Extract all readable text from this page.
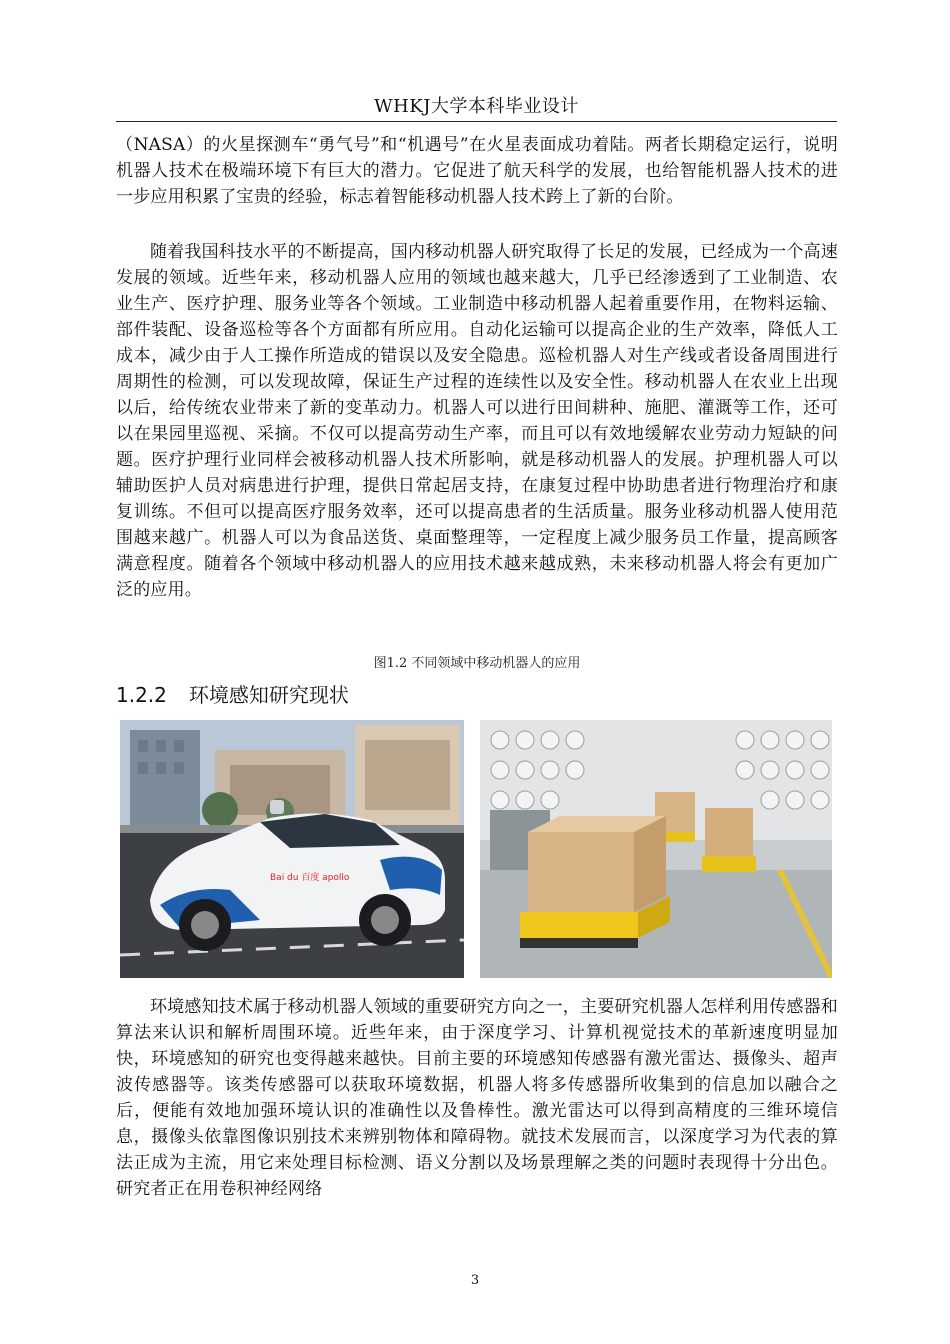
WHKJ大学本科毕业设计
（NASA）的火星探测车“勇气号”和“机遇号”在火星表面成功着陆。两者长期稳定运行，说明机器人技术在极端环境下有巨大的潜力。它促进了航天科学的发展，也给智能机器人技术的进一步应用积累了宝贵的经验，标志着智能移动机器人技术跨上了新的台阶。
随着我国科技水平的不断提高，国内移动机器人研究取得了长足的发展，已经成为一个高速发展的领域。近些年来，移动机器人应用的领域也越来越大，几乎已经渗透到了工业制造、农业生产、医疗护理、服务业等各个领域。工业制造中移动机器人起着重要作用，在物料运输、部件装配、设备巡检等各个方面都有所应用。自动化运输可以提高企业的生产效率，降低人工成本，减少由于人工操作所造成的错误以及安全隐患。巡检机器人对生产线或者设备周围进行周期性的检测，可以发现故障，保证生产过程的连续性以及安全性。移动机器人在农业上出现以后，给传统农业带来了新的变革动力。机器人可以进行田间耕种、施肥、灌溉等工作，还可以在果园里巡视、采摘。不仅可以提高劳动生产率，而且可以有效地缓解农业劳动力短缺的问题。医疗护理行业同样会被移动机器人技术所影响，就是移动机器人的发展。护理机器人可以辅助医护人员对病患进行护理，提供日常起居支持，在康复过程中协助患者进行物理治疗和康复训练。不但可以提高医疗服务效率，还可以提高患者的生活质量。服务业移动机器人使用范围越来越广。机器人可以为食品送货、桌面整理等，一定程度上减少服务员工作量，提高顾客满意程度。随着各个领域中移动机器人的应用技术越来越成熟，未来移动机器人将会有更加广泛的应用。
图1.2 不同领域中移动机器人的应用
1.2.2 环境感知研究现状
Bai du 百度 apollo

环境感知技术属于移动机器人领域的重要研究方向之一，主要研究机器人怎样利用传感器和算法来认识和解析周围环境。近些年来，由于深度学习、计算机视觉技术的革新速度明显加快，环境感知的研究也变得越来越快。目前主要的环境感知传感器有激光雷达、摄像头、超声波传感器等。该类传感器可以获取环境数据，机器人将多传感器所收集到的信息加以融合之后，便能有效地加强环境认识的准确性以及鲁棒性。激光雷达可以得到高精度的三维环境信息，摄像头依靠图像识别技术来辨别物体和障碍物。就技术发展而言，以深度学习为代表的算法正成为主流，用它来处理目标检测、语义分割以及场景理解之类的问题时表现得十分出色。研究者正在用卷积神经网络
3
